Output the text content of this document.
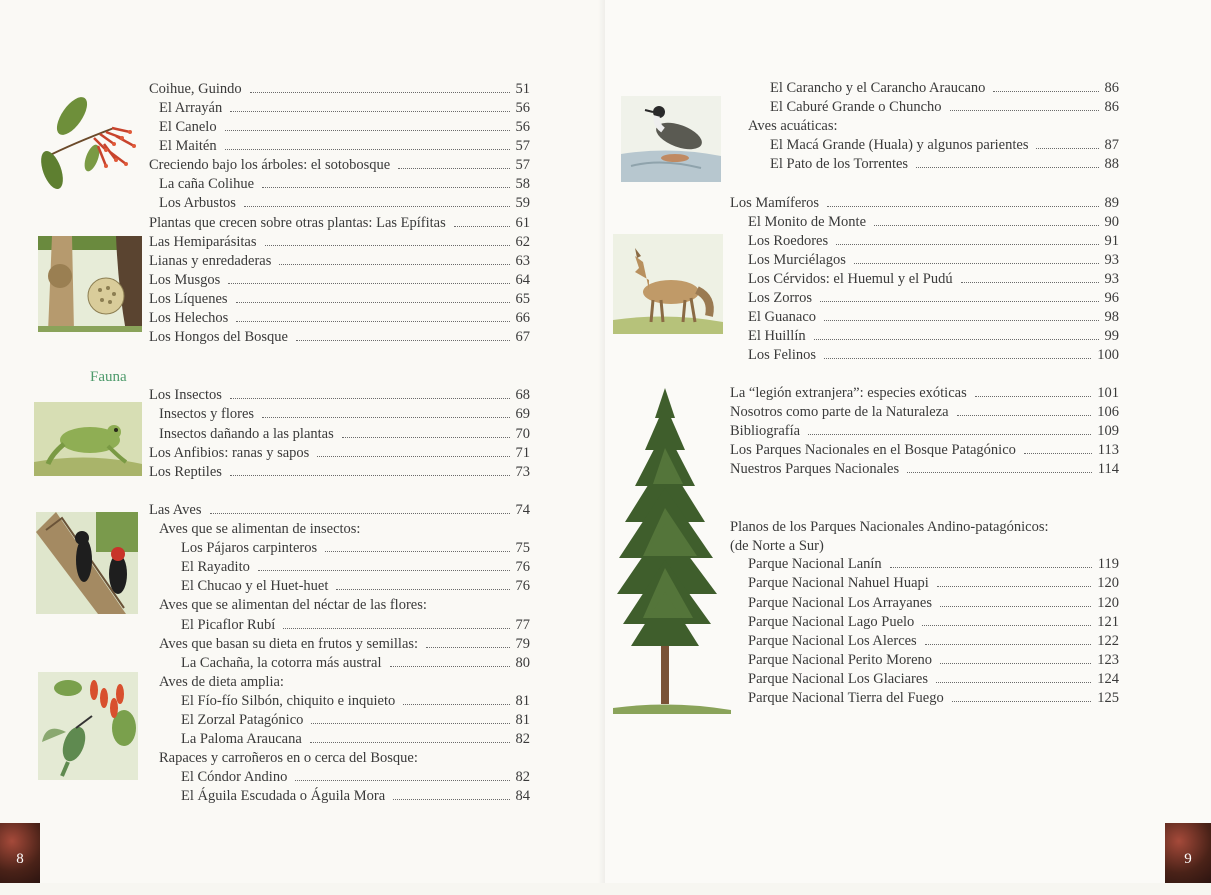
Fauna
Coihue, Guindo	51
El Arrayán	56
El Canelo	56
El Maitén	57
Creciendo bajo los árboles: el sotobosque	57
La caña Colihue	58
Los Arbustos	59
Plantas que crecen sobre otras plantas: Las Epífitas	61
Las Hemiparásitas	62
Lianas y enredaderas	63
Los Musgos	64
Los Líquenes	65
Los Helechos	66
Los Hongos del Bosque	67
Los Insectos	68
Insectos y flores	69
Insectos dañando a las plantas	70
Los Anfibios: ranas y sapos	71
Los Reptiles	73
Las Aves	74
Aves que se alimentan de insectos:
Los Pájaros carpinteros	75
El Rayadito	76
El Chucao y el Huet-huet	76
Aves que se alimentan del néctar de las flores:
El Picaflor Rubí	77
Aves que basan su dieta en frutos y semillas:	79
La Cachaña, la cotorra más austral	80
Aves de dieta amplia:
El Fío-fío Silbón, chiquito e inquieto	81
El Zorzal Patagónico	81
La Paloma Araucana	82
Rapaces y carroñeros en o cerca del Bosque:
El Cóndor Andino	82
El Águila Escudada o Águila Mora	84
8
El Carancho y el Carancho Araucano	86
El Caburé Grande o Chuncho	86
Aves acuáticas:
El Macá Grande (Huala) y algunos parientes	87
El Pato de los Torrentes	88
Los Mamíferos	89
El Monito de Monte	90
Los Roedores	91
Los Murciélagos	93
Los Cérvidos: el Huemul y el Pudú	93
Los Zorros	96
El Guanaco	98
El Huillín	99
Los Felinos	100
La “legión extranjera”: especies exóticas	101
Nosotros como parte de la Naturaleza	106
Bibliografía	109
Los Parques Nacionales en el Bosque Patagónico	113
Nuestros Parques Nacionales	114
Planos de los Parques Nacionales Andino-patagónicos:
(de Norte a Sur)
Parque Nacional Lanín	119
Parque Nacional Nahuel Huapi	120
Parque Nacional Los Arrayanes	120
Parque Nacional Lago Puelo	121
Parque Nacional Los Alerces	122
Parque Nacional Perito Moreno	123
Parque Nacional Los Glaciares	124
Parque Nacional Tierra del Fuego	125
9
